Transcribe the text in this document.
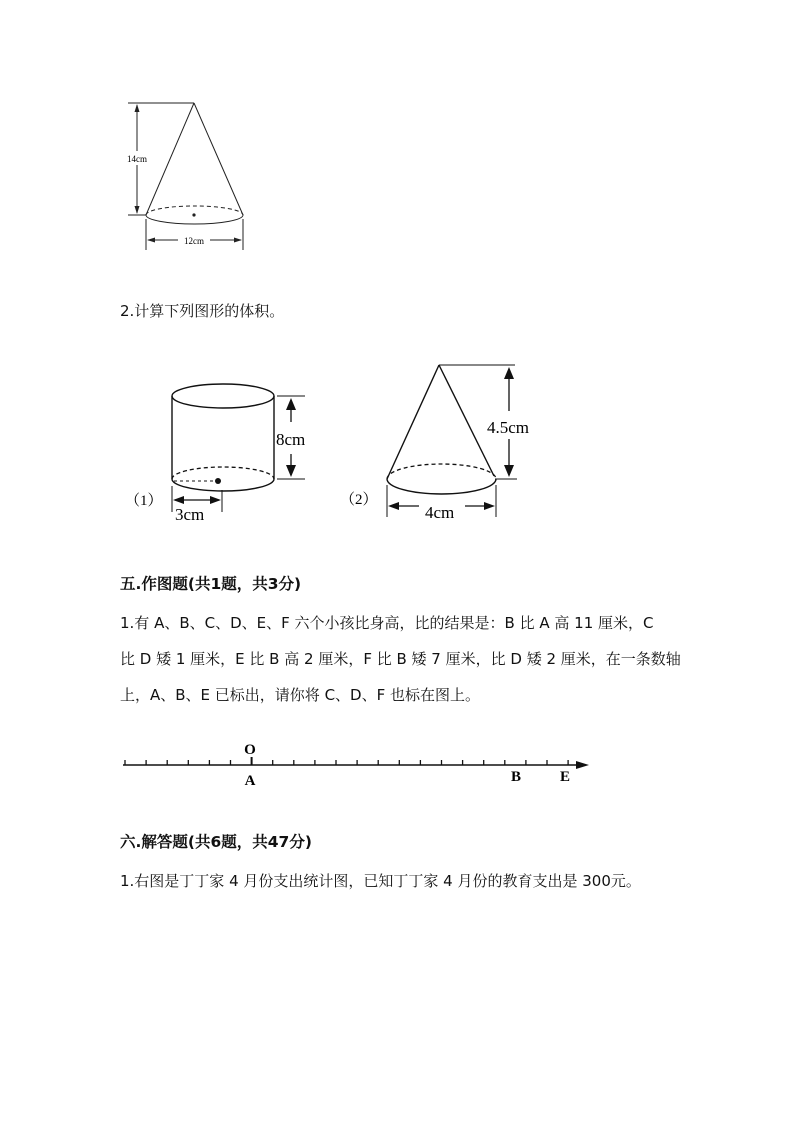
14cm
12cm
2.计算下列图形的体积。
（1）
8cm
3cm
（2）
4.5cm
4cm
五.作图题(共1题，共3分)
1.有 A、B、C、D、E、F 六个小孩比身高，比的结果是：B 比 A 高 11 厘米，C
比 D 矮 1 厘米，E 比 B 高 2 厘米，F 比 B 矮 7 厘米，比 D 矮 2 厘米，在一条数轴
上，A、B、E 已标出，请你将 C、D、F 也标在图上。
O
A	B	E
六.解答题(共6题，共47分)
1.右图是丁丁家 4 月份支出统计图，已知丁丁家 4 月份的教育支出是 300元。
